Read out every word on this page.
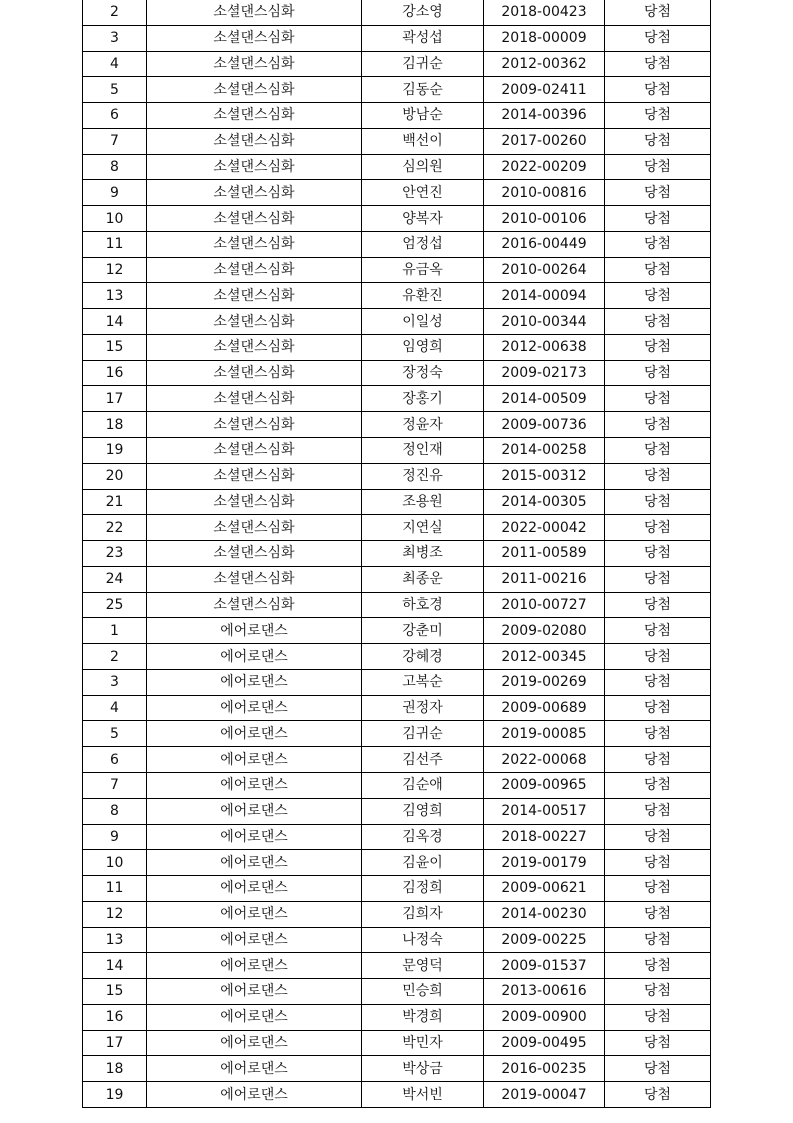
2	소셜댄스심화	강소영	2018-00423	당첨
3	소셜댄스심화	곽성섭	2018-00009	당첨
4	소셜댄스심화	김귀순	2012-00362	당첨
5	소셜댄스심화	김동순	2009-02411	당첨
6	소셜댄스심화	방남순	2014-00396	당첨
7	소셜댄스심화	백선이	2017-00260	당첨
8	소셜댄스심화	심의원	2022-00209	당첨
9	소셜댄스심화	안연진	2010-00816	당첨
10	소셜댄스심화	양복자	2010-00106	당첨
11	소셜댄스심화	엄정섭	2016-00449	당첨
12	소셜댄스심화	유금옥	2010-00264	당첨
13	소셜댄스심화	유환진	2014-00094	당첨
14	소셜댄스심화	이일성	2010-00344	당첨
15	소셜댄스심화	임영희	2012-00638	당첨
16	소셜댄스심화	장정숙	2009-02173	당첨
17	소셜댄스심화	장홍기	2014-00509	당첨
18	소셜댄스심화	정윤자	2009-00736	당첨
19	소셜댄스심화	정인재	2014-00258	당첨
20	소셜댄스심화	정진유	2015-00312	당첨
21	소셜댄스심화	조용원	2014-00305	당첨
22	소셜댄스심화	지연실	2022-00042	당첨
23	소셜댄스심화	최병조	2011-00589	당첨
24	소셜댄스심화	최종운	2011-00216	당첨
25	소셜댄스심화	하호경	2010-00727	당첨
1	에어로댄스	강춘미	2009-02080	당첨
2	에어로댄스	강혜경	2012-00345	당첨
3	에어로댄스	고복순	2019-00269	당첨
4	에어로댄스	권정자	2009-00689	당첨
5	에어로댄스	김귀순	2019-00085	당첨
6	에어로댄스	김선주	2022-00068	당첨
7	에어로댄스	김순애	2009-00965	당첨
8	에어로댄스	김영희	2014-00517	당첨
9	에어로댄스	김옥경	2018-00227	당첨
10	에어로댄스	김윤이	2019-00179	당첨
11	에어로댄스	김정희	2009-00621	당첨
12	에어로댄스	김희자	2014-00230	당첨
13	에어로댄스	나정숙	2009-00225	당첨
14	에어로댄스	문영덕	2009-01537	당첨
15	에어로댄스	민승희	2013-00616	당첨
16	에어로댄스	박경희	2009-00900	당첨
17	에어로댄스	박민자	2009-00495	당첨
18	에어로댄스	박상금	2016-00235	당첨
19	에어로댄스	박서빈	2019-00047	당첨
